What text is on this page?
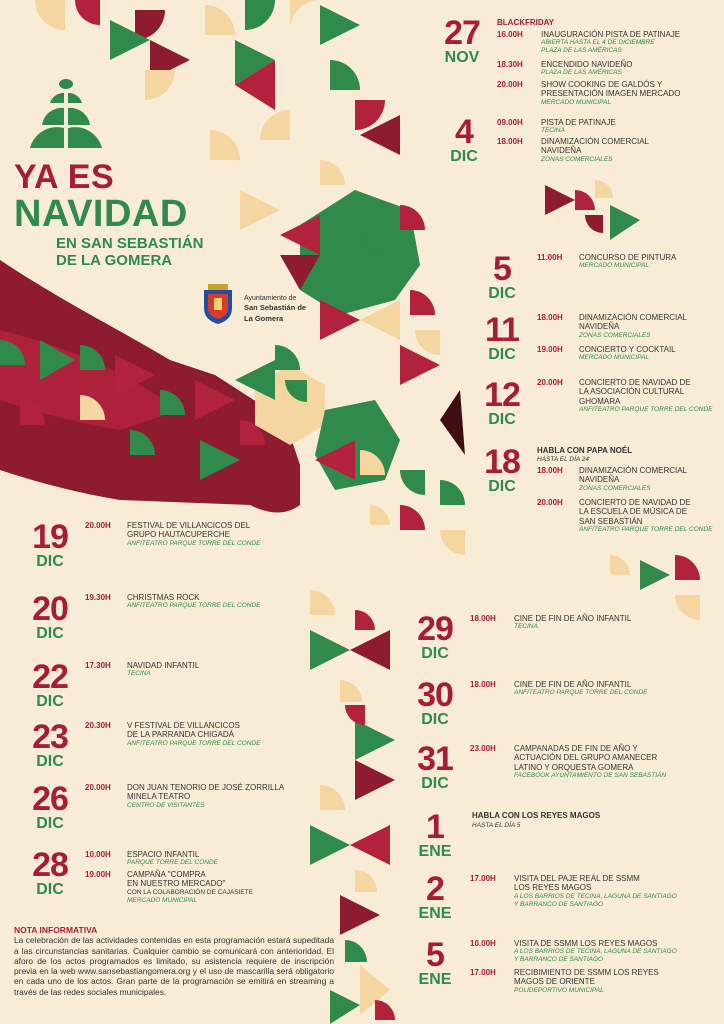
YA ES
NAVIDAD
EN SAN SEBASTIÁN
DE LA GOMERA
Ayuntamiento de
San Sebastián de
La Gomera
27
NOV
BLACKFRIDAY
16.00H INAUGURACIÓN PISTA DE PATINAJE
ABIERTA HASTA EL 4 DE DICIEMBRE
PLAZA DE LAS AMÉRICAS
18.30H ENCENDIDO NAVIDEÑO
PLAZA DE LAS AMÉRICAS
20.00H SHOW COOKING DE GALDÓS Y
PRESENTACIÓN IMAGEN MERCADO
MERCADO MUNICIPAL
4
DIC
09.00H PISTA DE PATINAJE
TECINA
18.00H DINAMIZACIÓN COMERCIAL
NAVIDEÑA
ZONAS COMERCIALES
5
DIC
11.00H CONCURSO DE PINTURA
MERCADO MUNICIPAL
11
DIC
18.00H DINAMIZACIÓN COMERCIAL
NAVIDEÑA
ZONAS COMERCIALES
19.00H CONCIERTO Y COCKTAIL
MERCADO MUNICIPAL
12
DIC
20.00H CONCIERTO DE NAVIDAD DE
LA ASOCIACIÓN CULTURAL
GHOMARA
ANFITEATRO PARQUE TORRE DEL CONDE
18
DIC
HABLA CON PAPA NOÉL
HASTA EL DÍA 24
18.00H DINAMIZACIÓN COMERCIAL
NAVIDEÑA
ZONAS COMERCIALES
20.00H CONCIERTO DE NAVIDAD DE
LA ESCUELA DE MÚSICA DE
SAN SEBASTIÁN
ANFITEATRO PARQUE TORRE DEL CONDE
19
DIC
20.00H FESTIVAL DE VILLANCICOS DEL
GRUPO HAUTACUPERCHE
ANFITEATRO PARQUE TORRE DEL CONDE
20
DIC
19.30H CHRISTMAS ROCK
ANFITEATRO PARQUE TORRE DEL CONDE
22
DIC
17.30H NAVIDAD INFANTIL
TECINA
23
DIC
20.30H V FESTIVAL DE VILLANCICOS
DE LA PARRANDA CHIGADÁ
ANFITEATRO PARQUE TORRE DEL CONDE
26
DIC
20.00H DON JUAN TENORIO DE JOSÉ ZORRILLA
MINELA TEATRO
CENTRO DE VISITANTES
28
DIC
10.00H ESPACIO INFANTIL
PARQUE TORRE DEL CONDE
19.00H CAMPAÑA "COMPRA
EN NUESTRO MERCADO"
CON LA COLABORACIÓN DE CAJASIETE
MERCADO MUNICIPAL
29
DIC
18.00H CINE DE FIN DE AÑO INFANTIL
TECINA
30
DIC
18.00H CINE DE FIN DE AÑO INFANTIL
ANFITEATRO PARQUE TORRE DEL CONDE
31
DIC
23.00H CAMPANADAS DE FIN DE AÑO Y
ACTUACIÓN DEL GRUPO AMANECER
LATINO Y ORQUESTA GOMERA
FACEBOOK AYUNTAMIENTO DE SAN SEBASTIÁN
1
ENE
HABLA CON LOS REYES MAGOS
HASTA EL DÍA 5
2
ENE
17.00H VISITA DEL PAJE REAL DE SSMM
LOS REYES MAGOS
A LOS BARRIOS DE TECINA, LAGUNA DE SANTIAGO
Y BARRANCO DE SANTIAGO
5
ENE
10.00H VISITA DE SSMM LOS REYES MAGOS
A LOS BARRIOS DE TECINA, LAGUNA DE SANTIAGO
Y BARRANCO DE SANTIAGO
17.00H RECIBIMIENTO DE SSMM LOS REYES
MAGOS DE ORIENTE
POLIDEPORTIVO MUNICIPAL
NOTA INFORMATIVA
La celebración de las actividades contenidas en esta programación estará supeditada a las circunstancias sanitarias. Cualquier cambio se comunicará con anterioridad. El aforo de los actos programados es limitado, su asistencia requiere de inscripción previa en la web www.sansebastiangomera.org y el uso de mascarilla será obligatorio en cada uno de los actos. Gran parte de la programación se emitirá en streaming a través de las redes sociales municipales.
